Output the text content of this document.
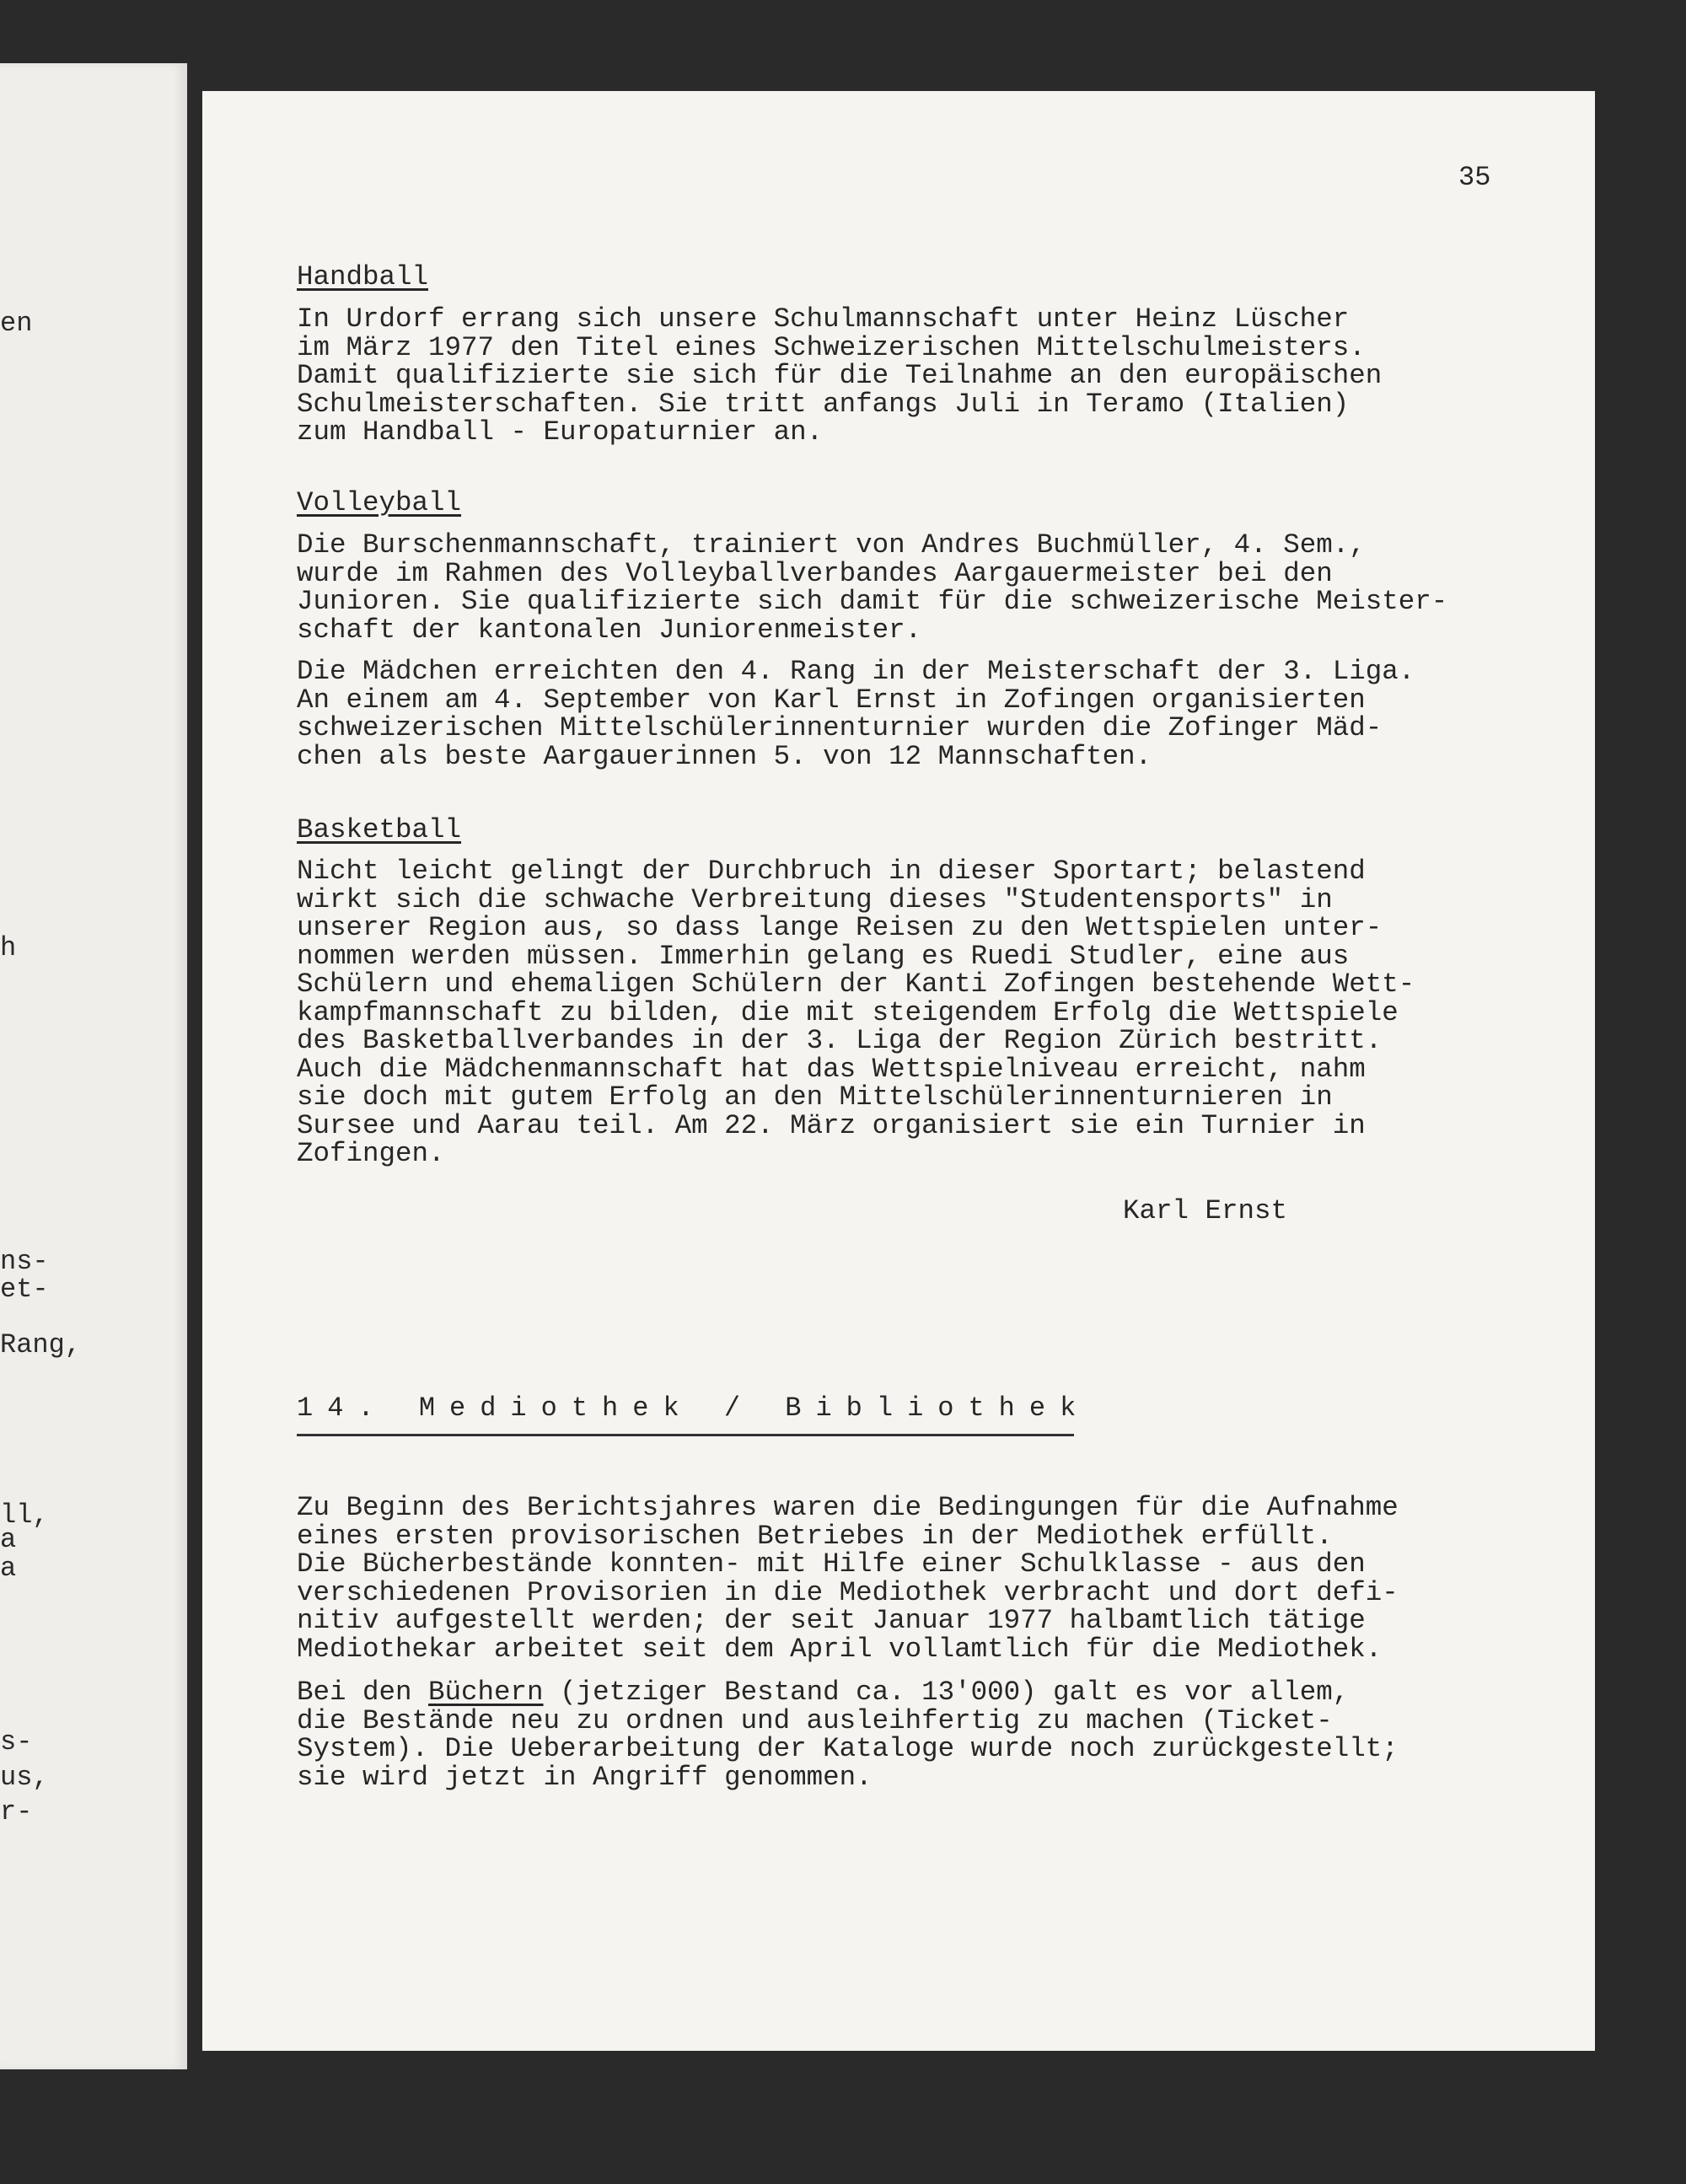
en
h
ns-
et-
Rang,
ll,
a
a
s-
us,
r-
35
Handball
In Urdorf errang sich unsere Schulmannschaft unter Heinz Lüscher
im März 1977 den Titel eines Schweizerischen Mittelschulmeisters.
Damit qualifizierte sie sich für die Teilnahme an den europäischen
Schulmeisterschaften. Sie tritt anfangs Juli in Teramo (Italien)
zum Handball - Europaturnier an.
Volleyball
Die Burschenmannschaft, trainiert von Andres Buchmüller, 4. Sem.,
wurde im Rahmen des Volleyballverbandes Aargauermeister bei den
Junioren. Sie qualifizierte sich damit für die schweizerische Meister-
schaft der kantonalen Juniorenmeister.
Die Mädchen erreichten den 4. Rang in der Meisterschaft der 3. Liga.
An einem am 4. September von Karl Ernst in Zofingen organisierten
schweizerischen Mittelschülerinnenturnier wurden die Zofinger Mäd-
chen als beste Aargauerinnen 5. von 12 Mannschaften.
Basketball
Nicht leicht gelingt der Durchbruch in dieser Sportart; belastend
wirkt sich die schwache Verbreitung dieses "Studentensports" in
unserer Region aus, so dass lange Reisen zu den Wettspielen unter-
nommen werden müssen. Immerhin gelang es Ruedi Studler, eine aus
Schülern und ehemaligen Schülern der Kanti Zofingen bestehende Wett-
kampfmannschaft zu bilden, die mit steigendem Erfolg die Wettspiele
des Basketballverbandes in der 3. Liga der Region Zürich bestritt.
Auch die Mädchenmannschaft hat das Wettspielniveau erreicht, nahm
sie doch mit gutem Erfolg an den Mittelschülerinnenturnieren in
Sursee und Aarau teil. Am 22. März organisiert sie ein Turnier in
Zofingen.
Karl Ernst
14. Mediothek / Bibliothek
Zu Beginn des Berichtsjahres waren die Bedingungen für die Aufnahme
eines ersten provisorischen Betriebes in der Mediothek erfüllt.
Die Bücherbestände konnten- mit Hilfe einer Schulklasse - aus den
verschiedenen Provisorien in die Mediothek verbracht und dort defi-
nitiv aufgestellt werden; der seit Januar 1977 halbamtlich tätige
Mediothekar arbeitet seit dem April vollamtlich für die Mediothek.
Bei den Büchern (jetziger Bestand ca. 13'000) galt es vor allem,
die Bestände neu zu ordnen und ausleihfertig zu machen (Ticket-
System). Die Ueberarbeitung der Kataloge wurde noch zurückgestellt;
sie wird jetzt in Angriff genommen.
